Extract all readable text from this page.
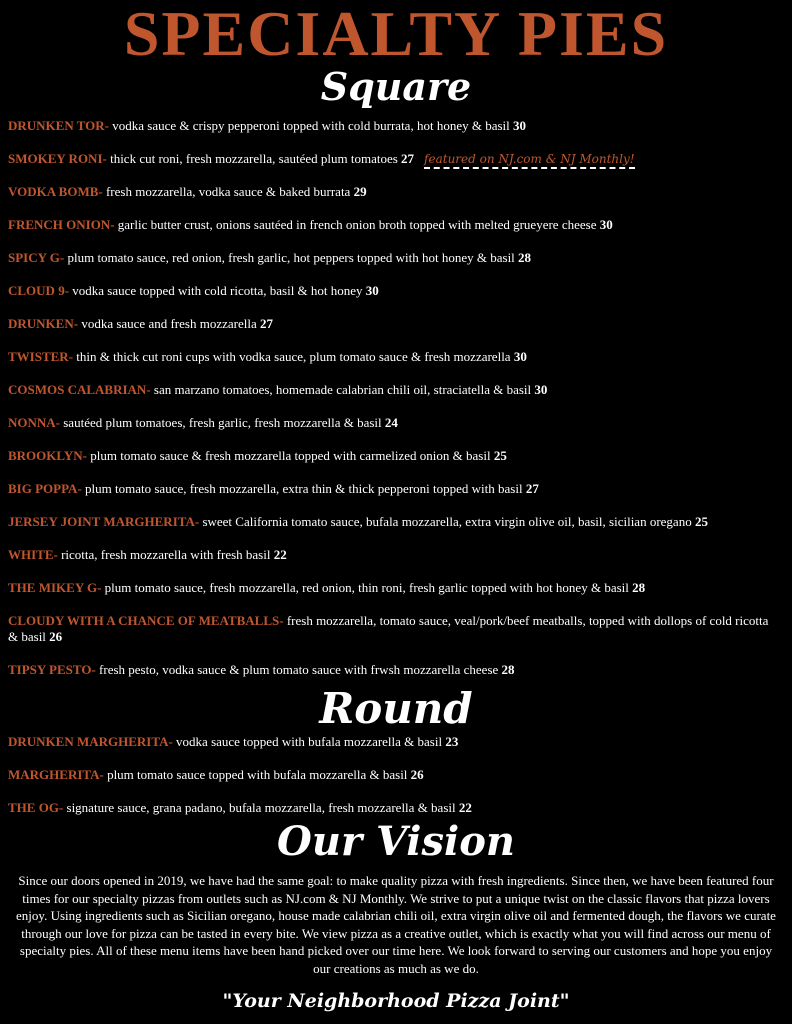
SPECIALTY PIES
Square
DRUNKEN TOR- vodka sauce & crispy pepperoni topped with cold burrata, hot honey & basil 30
SMOKEY RONI- thick cut roni, fresh mozzarella, sautéed plum tomatoes 27 featured on NJ.com & NJ Monthly!
VODKA BOMB- fresh mozzarella, vodka sauce & baked burrata 29
FRENCH ONION- garlic butter crust, onions sautéed in french onion broth topped with melted grueyere cheese 30
SPICY G- plum tomato sauce, red onion, fresh garlic, hot peppers topped with hot honey & basil 28
CLOUD 9- vodka sauce topped with cold ricotta, basil & hot honey 30
DRUNKEN- vodka sauce and fresh mozzarella 27
TWISTER- thin & thick cut roni cups with vodka sauce, plum tomato sauce & fresh mozzarella 30
COSMOS CALABRIAN- san marzano tomatoes, homemade calabrian chili oil, straciatella & basil 30
NONNA- sautéed plum tomatoes, fresh garlic, fresh mozzarella & basil 24
BROOKLYN- plum tomato sauce & fresh mozzarella topped with carmelized onion & basil 25
BIG POPPA- plum tomato sauce, fresh mozzarella, extra thin & thick pepperoni topped with basil 27
JERSEY JOINT MARGHERITA- sweet California tomato sauce, bufala mozzarella, extra virgin olive oil, basil, sicilian oregano 25
WHITE- ricotta, fresh mozzarella with fresh basil 22
THE MIKEY G- plum tomato sauce, fresh mozzarella, red onion, thin roni, fresh garlic topped with hot honey & basil 28
CLOUDY WITH A CHANCE OF MEATBALLS- fresh mozzarella, tomato sauce, veal/pork/beef meatballs, topped with dollops of cold ricotta & basil 26
TIPSY PESTO- fresh pesto, vodka sauce & plum tomato sauce with frwsh mozzarella cheese 28
Round
DRUNKEN MARGHERITA- vodka sauce topped with bufala mozzarella & basil 23
MARGHERITA- plum tomato sauce topped with bufala mozzarella & basil 26
THE OG- signature sauce, grana padano, bufala mozzarella, fresh mozzarella & basil 22
Our Vision
Since our doors opened in 2019, we have had the same goal: to make quality pizza with fresh ingredients. Since then, we have been featured four times for our specialty pizzas from outlets such as NJ.com & NJ Monthly. We strive to put a unique twist on the classic flavors that pizza lovers enjoy. Using ingredients such as Sicilian oregano, house made calabrian chili oil, extra virgin olive oil and fermented dough, the flavors we curate through our love for pizza can be tasted in every bite. We view pizza as a creative outlet, which is exactly what you will find across our menu of specialty pies. All of these menu items have been hand picked over our time here. We look forward to serving our customers and hope you enjoy our creations as much as we do.
"Your Neighborhood Pizza Joint"
